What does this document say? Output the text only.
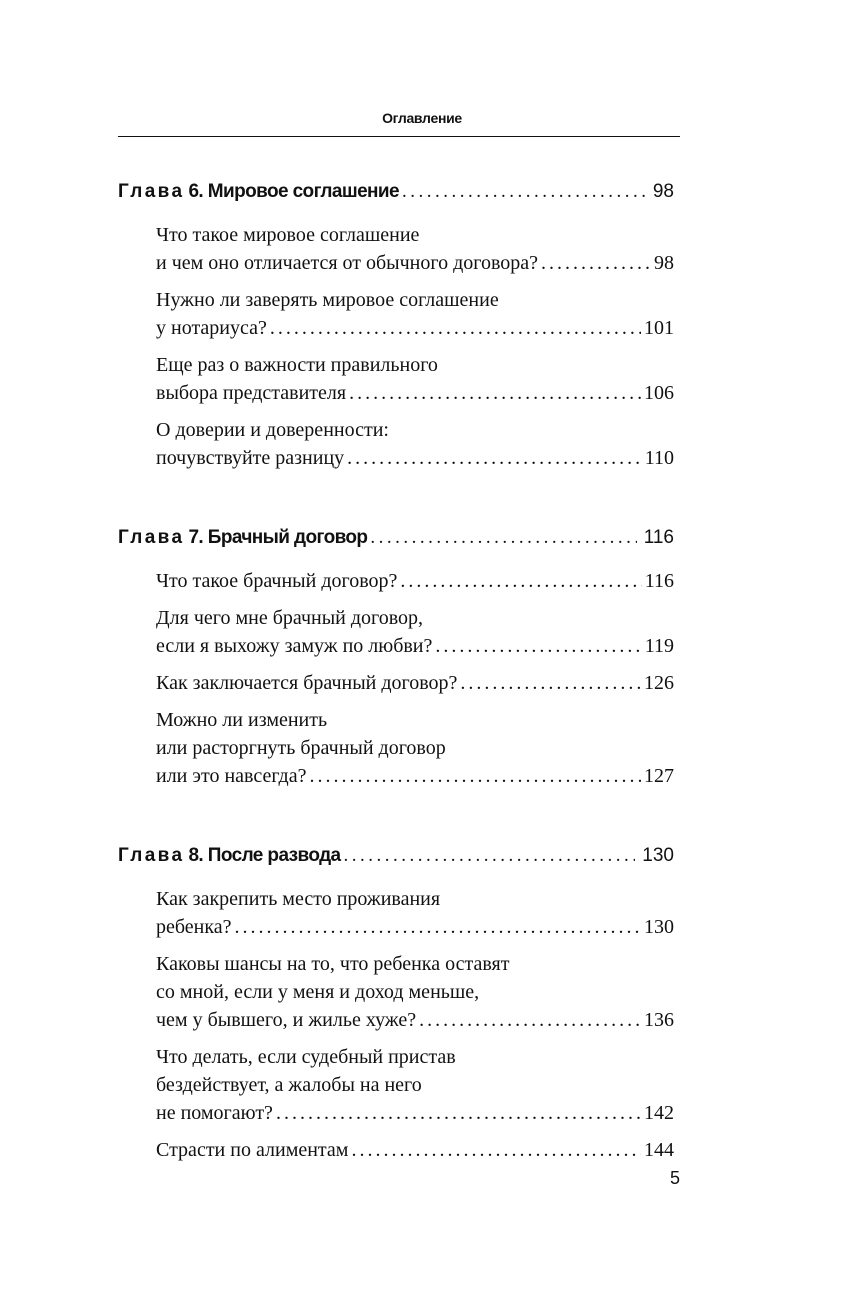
Оглавление
Глава 6. Мировое соглашение .....	98
Что такое мировое соглашение
и чем оно отличается от обычного договора? .....	98
Нужно ли заверять мировое соглашение
у нотариуса? .....	101
Еще раз о важности правильного
выбора представителя .....	106
О доверии и доверенности:
почувствуйте разницу .....	110
Глава 7. Брачный договор .....	116
Что такое брачный договор? .....	116
Для чего мне брачный договор,
если я выхожу замуж по любви? .....	119
Как заключается брачный договор? .....	126
Можно ли изменить
или расторгнуть брачный договор
или это навсегда? .....	127
Глава 8. После развода .....	130
Как закрепить место проживания
ребенка? .....	130
Каковы шансы на то, что ребенка оставят
со мной, если у меня и доход меньше,
чем у бывшего, и жилье хуже? .....	136
Что делать, если судебный пристав
бездействует, а жалобы на него
не помогают? .....	142
Страсти по алиментам .....	144
5
